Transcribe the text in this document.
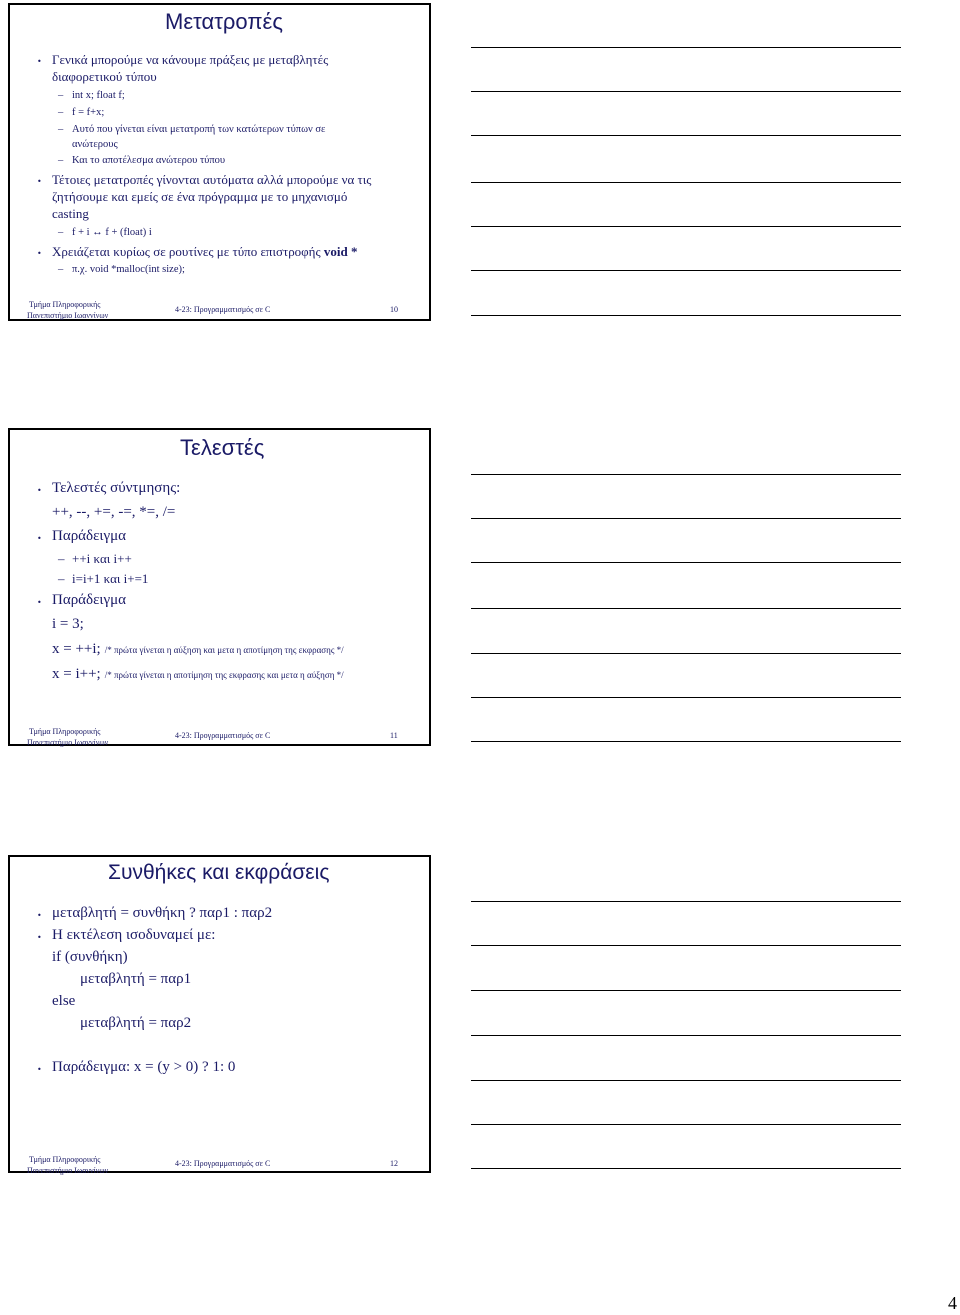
Μετατροπές
• Γενικά μπορούμε να κάνουμε πράξεις με μεταβλητές
διαφορετικού τύπου
– int x; float f;
– f = f+x;
– Αυτό που γίνεται είναι μετατροπή των κατώτερων τύπων σε
ανώτερους
– Και το αποτέλεσμα ανώτερου τύπου
• Τέτοιες μετατροπές γίνονται αυτόματα αλλά μπορούμε να τις
ζητήσουμε και εμείς σε ένα πρόγραμμα με το μηχανισμό
casting
– f + i ↔ f + (float) i
• Χρειάζεται κυρίως σε ρουτίνες με τύπο επιστροφής void *
– π.χ. void *malloc(int size);
Τμήμα Πληροφορικής
Πανεπιστήμιο Ιωαννίνων
4-23: Προγραμματισμός σε C	10
Τελεστές
• Τελεστές σύντμησης:
++, --, +=, -=, *=, /=
• Παράδειγμα
– ++i και i++
– i=i+1 και i+=1
• Παράδειγμα
i = 3;
x = ++i; /* πρώτα γίνεται η αύξηση και μετα η αποτίμηση της εκφρασης */
x = i++; /* πρώτα γίνεται η αποτίμηση της εκφρασης και μετα η αύξηση */
Τμήμα Πληροφορικής
Πανεπιστήμιο Ιωαννίνων
4-23: Προγραμματισμός σε C	11
Συνθήκες και εκφράσεις
• μεταβλητή = συνθήκη ? παρ1 : παρ2
• Η εκτέλεση ισοδυναμεί με:
if (συνθήκη)
μεταβλητή = παρ1
else
μεταβλητή = παρ2
• Παράδειγμα: x = (y > 0) ? 1: 0
Τμήμα Πληροφορικής
Πανεπιστήμιο Ιωαννίνων
4-23: Προγραμματισμός σε C	12
4
